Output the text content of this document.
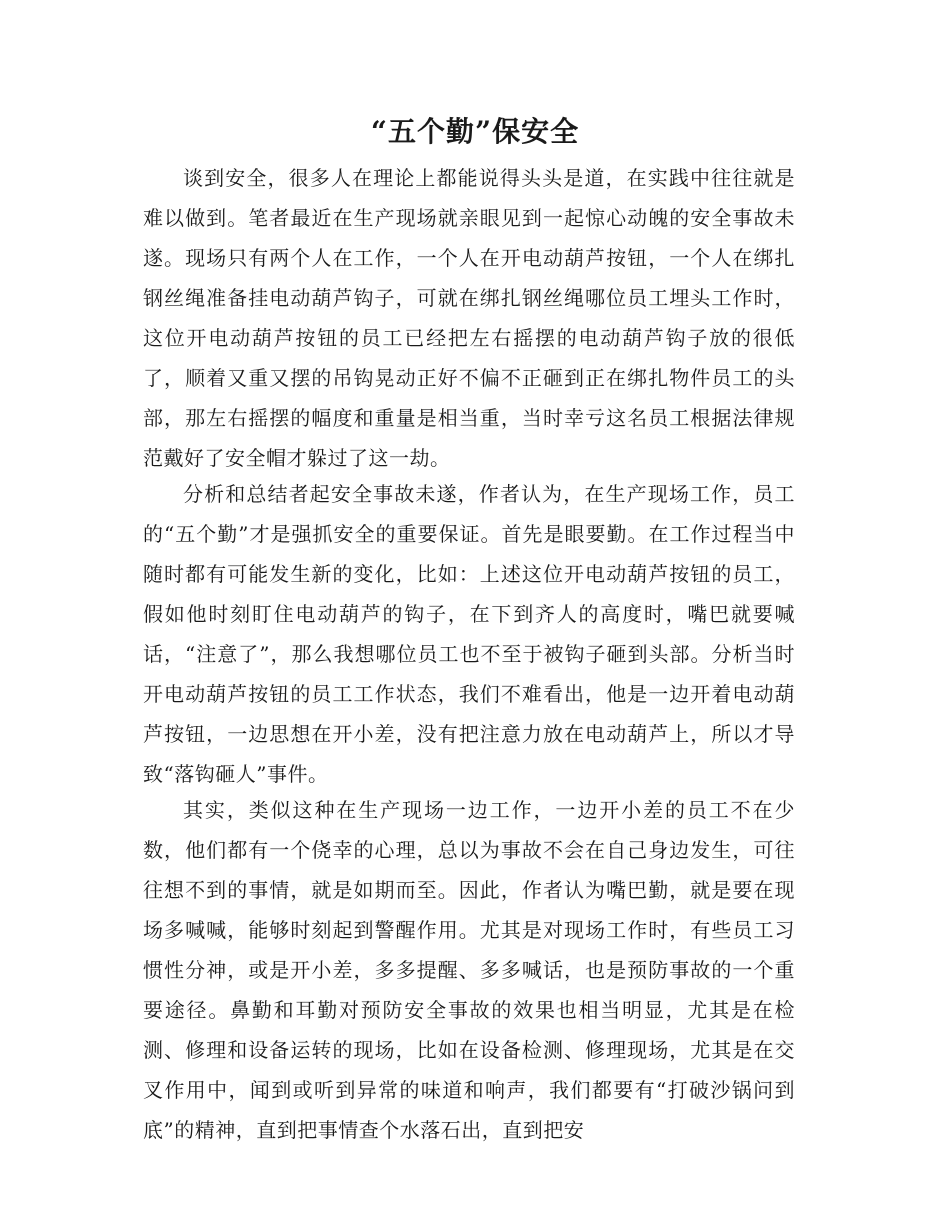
“五个勤”保安全

谈到安全，很多人在理论上都能说得头头是道，在实践中往往就是难以做到。笔者最近在生产现场就亲眼见到一起惊心动魄的安全事故未遂。现场只有两个人在工作，一个人在开电动葫芦按钮，一个人在绑扎钢丝绳准备挂电动葫芦钩子，可就在绑扎钢丝绳哪位员工埋头工作时，这位开电动葫芦按钮的员工已经把左右摇摆的电动葫芦钩子放的很低了，顺着又重又摆的吊钩晃动正好不偏不正砸到正在绑扎物件员工的头部，那左右摇摆的幅度和重量是相当重，当时幸亏这名员工根据法律规范戴好了安全帽才躲过了这一劫。

分析和总结者起安全事故未遂，作者认为，在生产现场工作，员工的“五个勤”才是强抓安全的重要保证。首先是眼要勤。在工作过程当中随时都有可能发生新的变化，比如：上述这位开电动葫芦按钮的员工，假如他时刻盯住电动葫芦的钩子，在下到齐人的高度时，嘴巴就要喊话，“注意了”，那么我想哪位员工也不至于被钩子砸到头部。分析当时开电动葫芦按钮的员工工作状态，我们不难看出，他是一边开着电动葫芦按钮，一边思想在开小差，没有把注意力放在电动葫芦上，所以才导致“落钩砸人”事件。

其实，类似这种在生产现场一边工作，一边开小差的员工不在少数，他们都有一个侥幸的心理，总以为事故不会在自己身边发生，可往往想不到的事情，就是如期而至。因此，作者认为嘴巴勤，就是要在现场多喊喊，能够时刻起到警醒作用。尤其是对现场工作时，有些员工习惯性分神，或是开小差，多多提醒、多多喊话，也是预防事故的一个重要途径。鼻勤和耳勤对预防安全事故的效果也相当明显，尤其是在检测、修理和设备运转的现场，比如在设备检测、修理现场，尤其是在交叉作用中，闻到或听到异常的味道和响声，我们都要有“打破沙锅问到底”的精神，直到把事情查个水落石出，直到把安
